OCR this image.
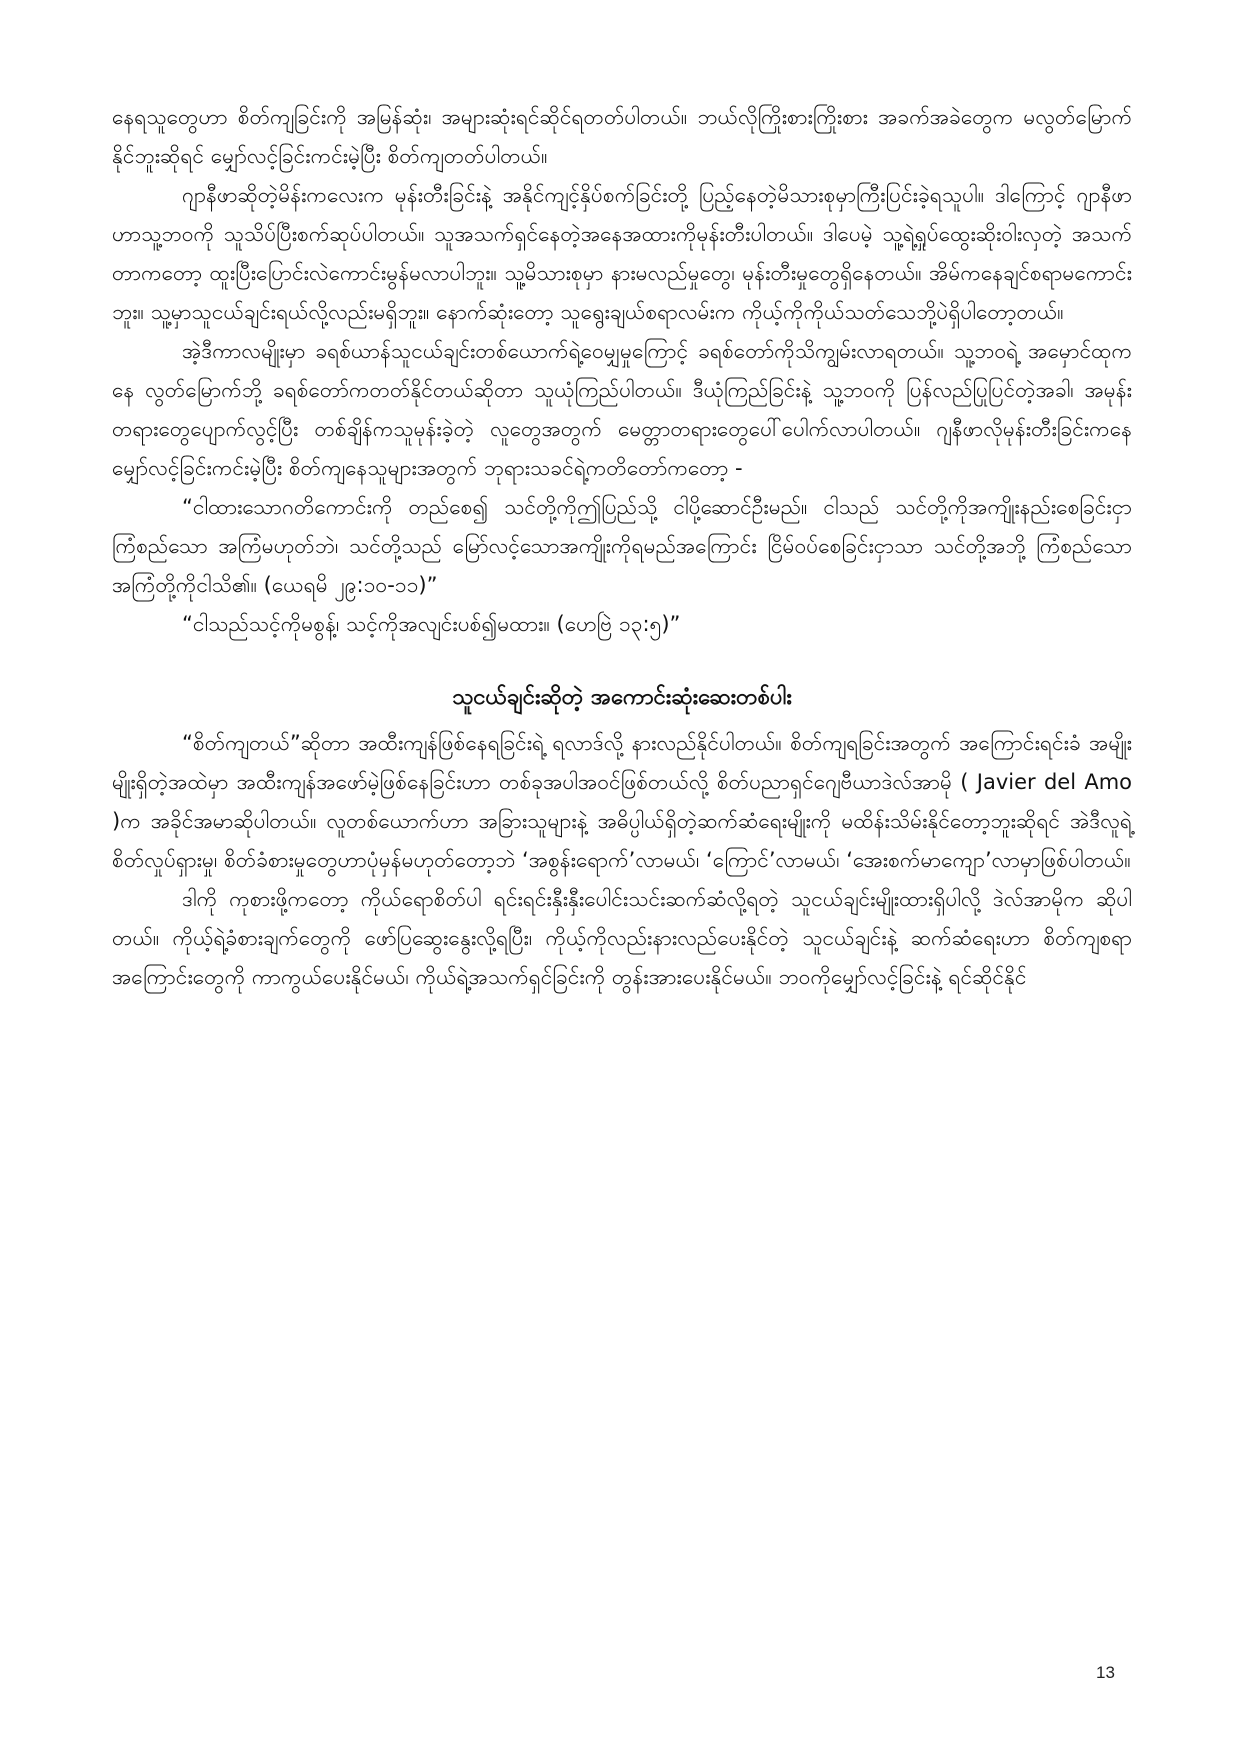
နေရသူတွေဟာ စိတ်ကျခြင်းကို အမြန်ဆုံး၊ အများဆုံးရင်ဆိုင်ရတတ်ပါတယ်။ ဘယ်လိုကြိုးစားကြိုးစား အခက်အခဲတွေက မလွတ်မြောက်နိုင်ဘူးဆိုရင် မျှော်လင့်ခြင်းကင်းမဲ့ပြီး စိတ်ကျတတ်ပါတယ်။

ဂျာနီဖာဆိုတဲ့မိန်းကလေးက မုန်းတီးခြင်းနဲ့ အနိုင်ကျင့်နှိပ်စက်ခြင်းတို့ ပြည့်နေတဲ့မိသားစုမှာကြီးပြင်းခဲ့ရသူပါ။ ဒါကြောင့် ဂျာနီဖာဟာသူ့ဘဝကို သူသိပ်ပြီးစက်ဆုပ်ပါတယ်။ သူအသက်ရှင်နေတဲ့အနေအထားကိုမုန်းတီးပါတယ်။ ဒါပေမဲ့ သူ့ရဲ့ရှုပ်ထွေးဆိုးဝါးလှတဲ့ အသက်တာကတော့ ထူးပြီးပြောင်းလဲကောင်းမွန်မလာပါဘူး။ သူ့မိသားစုမှာ နားမလည်မှုတွေ၊ မုန်းတီးမှုတွေရှိနေတယ်။ အိမ်ကနေချင်စရာမကောင်းဘူး။ သူ့မှာသူငယ်ချင်းရယ်လို့လည်းမရှိဘူး။ နောက်ဆုံးတော့ သူရွေးချယ်စရာလမ်းက ကိုယ့်ကိုကိုယ်သတ်သေဘို့ပဲရှိပါတော့တယ်။

အဲ့ဒီကာလမျိုးမှာ ခရစ်ယာန်သူငယ်ချင်းတစ်ယောက်ရဲ့ဝေမျှမှုကြောင့် ခရစ်တော်ကိုသိကျွမ်းလာရတယ်။ သူ့ဘဝရဲ့ အမှောင်ထုကနေ လွတ်မြောက်ဘို့ ခရစ်တော်ကတတ်နိုင်တယ်ဆိုတာ သူယုံကြည်ပါတယ်။ ဒီယုံကြည်ခြင်းနဲ့ သူ့ဘဝကို ပြန်လည်ပြုပြင်တဲ့အခါ၊ အမုန်းတရားတွေပျောက်လွင့်ပြီး တစ်ချိန်ကသူမုန်းခဲ့တဲ့ လူတွေအတွက် မေတ္တာတရားတွေပေါ်ပေါက်လာပါတယ်။ ဂျနီဖာလိုမုန်းတီးခြင်းကနေ မျှော်လင့်ခြင်းကင်းမဲ့ပြီး စိတ်ကျနေသူများအတွက် ဘုရားသခင်ရဲ့ကတိတော်ကတော့ -

“ငါထားသောဂတိကောင်းကို တည်စေ၍ သင်တို့ကိုဤပြည်သို့ ငါပို့ဆောင်ဦးမည်။ ငါသည် သင်တို့ကိုအကျိုးနည်းစေခြင်းငှာ ကြံစည်သော အကြံမဟုတ်ဘဲ၊ သင်တို့သည် မြော်လင့်သောအကျိုးကိုရမည်အကြောင်း ငြိမ်ဝပ်စေခြင်းငှာသာ သင်တို့အဘို့ ကြံစည်သောအကြံတို့ကိုငါသိ၏။ (ယေရမိ ၂၉:၁၀-၁၁)”

“ငါသည်သင့်ကိုမစွန့်၊ သင့်ကိုအလျင်းပစ်၍မထား။ (ဟေဗြဲ ၁၃:၅)”

သူငယ်ချင်းဆိုတဲ့ အကောင်းဆုံးဆေးတစ်ပါး

“စိတ်ကျတယ်”ဆိုတာ အထီးကျန်ဖြစ်နေရခြင်းရဲ့ ရလာဒ်လို့ နားလည်နိုင်ပါတယ်။ စိတ်ကျရခြင်းအတွက် အကြောင်းရင်းခံ အမျိုးမျိုးရှိတဲ့အထဲမှာ အထီးကျန်အဖော်မဲ့ဖြစ်နေခြင်းဟာ တစ်ခုအပါအဝင်ဖြစ်တယ်လို့ စိတ်ပညာရှင်ဂျေဗီယာဒဲလ်အာမို ( Javier del Amo )က အခိုင်အမာဆိုပါတယ်။ လူတစ်ယောက်ဟာ အခြားသူများနဲ့ အဓိပ္ပါယ်ရှိတဲ့ဆက်ဆံရေးမျိုးကို မထိန်းသိမ်းနိုင်တော့ဘူးဆိုရင် အဲဒီလူရဲ့စိတ်လှုပ်ရှားမှု၊ စိတ်ခံစားမှုတွေဟာပုံမှန်မဟုတ်တော့ဘဲ ‘အစွန်းရောက်’လာမယ်၊ ‘ကြောင်’လာမယ်၊ ‘အေးစက်မာကျော’လာမှာဖြစ်ပါတယ်။

ဒါကို ကုစားဖို့ကတော့ ကိုယ်ရောစိတ်ပါ ရင်းရင်းနှီးနှီးပေါင်းသင်းဆက်ဆံလို့ရတဲ့ သူငယ်ချင်းမျိုးထားရှိပါလို့ ဒဲလ်အာမိုက ဆိုပါတယ်။ ကိုယ့်ရဲ့ခံစားချက်တွေကို ဖော်ပြဆွေးနွေးလို့ရပြီး၊ ကိုယ့်ကိုလည်းနားလည်ပေးနိုင်တဲ့ သူငယ်ချင်းနဲ့ ဆက်ဆံရေးဟာ စိတ်ကျစရာအကြောင်းတွေကို ကာကွယ်ပေးနိုင်မယ်၊ ကိုယ်ရဲ့အသက်ရှင်ခြင်းကို တွန်းအားပေးနိုင်မယ်။ ဘဝကိုမျှော်လင့်ခြင်းနဲ့ ရင်ဆိုင်နိုင်

13
